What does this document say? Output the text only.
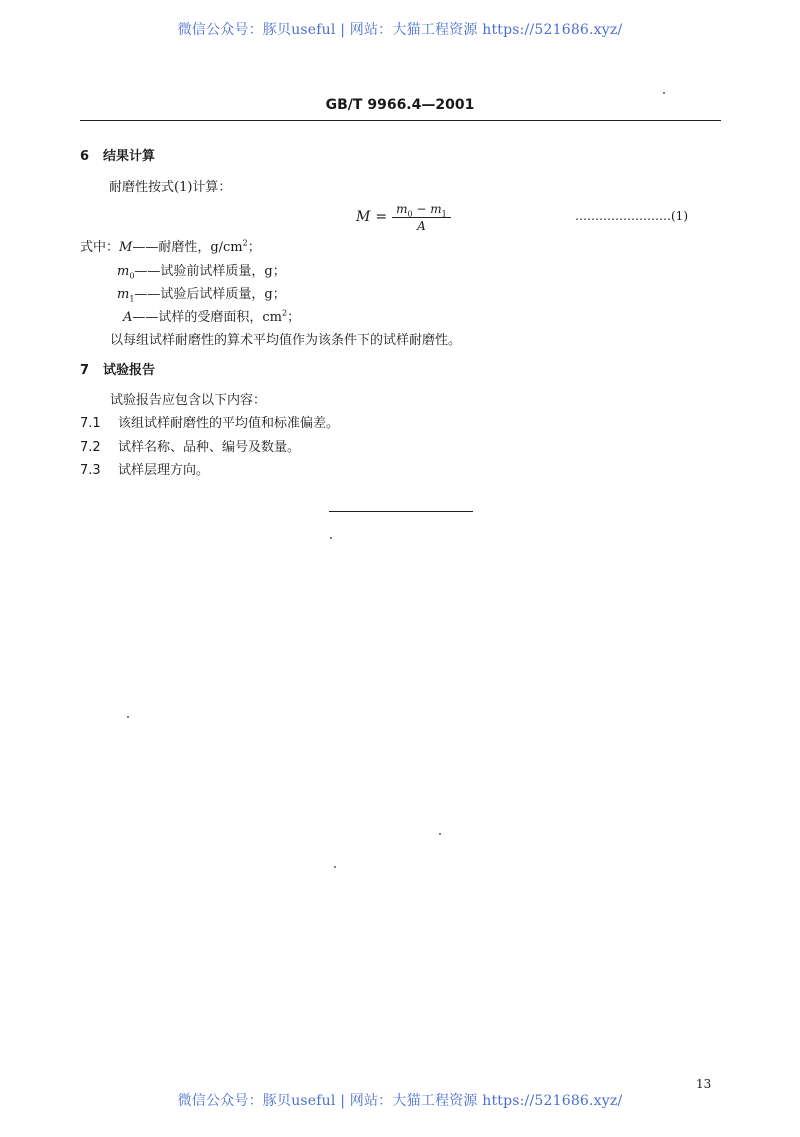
微信公众号：豚贝useful | 网站：大猫工程资源 https://521686.xyz/
微信公众号：豚贝useful | 网站：大猫工程资源 https://521686.xyz/
GB/T 9966.4—2001
6 结果计算
耐磨性按式(1)计算：
$M = \frac{m_0 - m_1}{A}$	……………………(1)
式中：M——耐磨性，$g/cm^2$；
$m_0——$试验前试样质量，g；
$m_1——$试验后试样质量，g；
A——试样的受磨面积，$cm^2$；
以每组试样耐磨性的算术平均值作为该条件下的试样耐磨性。
7 试验报告
试验报告应包含以下内容：
7.1 该组试样耐磨性的平均值和标准偏差。
7.2 试样名称、品种、编号及数量。
7.3 试样层理方向。
13
